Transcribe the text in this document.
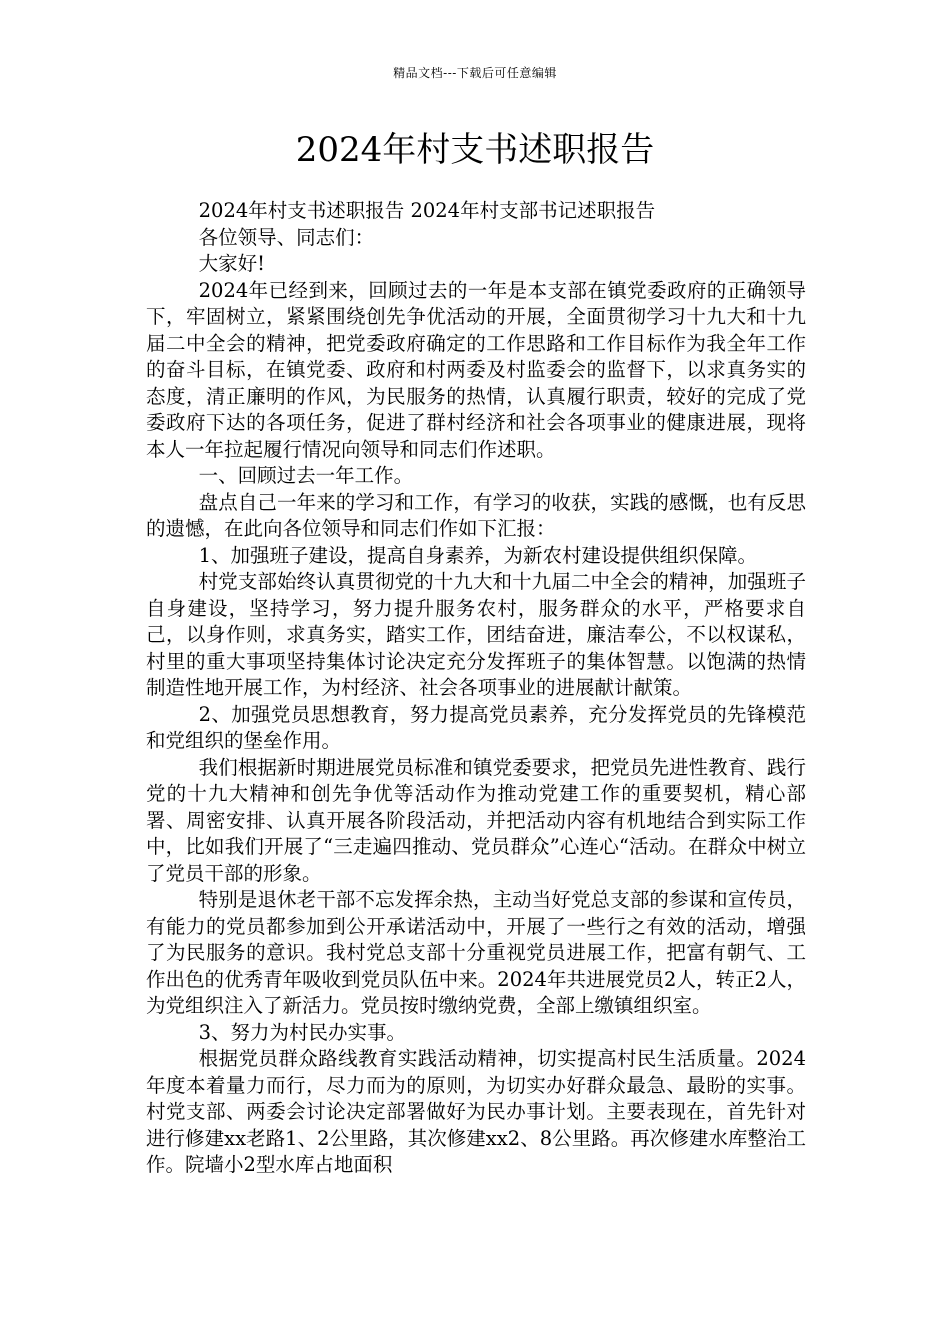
精品文档---下载后可任意编辑
2024年村支书述职报告

2024年村支书述职报告 2024年村支部书记述职报告

各位领导、同志们：

大家好!

2024年已经到来，回顾过去的一年是本支部在镇党委政府的正确领导下，牢固树立，紧紧围绕创先争优活动的开展，全面贯彻学习十九大和十九届二中全会的精神，把党委政府确定的工作思路和工作目标作为我全年工作的奋斗目标，在镇党委、政府和村两委及村监委会的监督下，以求真务实的态度，清正廉明的作风，为民服务的热情，认真履行职责，较好的完成了党委政府下达的各项任务，促进了群村经济和社会各项事业的健康进展，现将本人一年拉起履行情况向领导和同志们作述职。

一、回顾过去一年工作。

盘点自己一年来的学习和工作，有学习的收获，实践的感慨，也有反思的遗憾，在此向各位领导和同志们作如下汇报：

1、加强班子建设，提高自身素养，为新农村建设提供组织保障。

村党支部始终认真贯彻党的十九大和十九届二中全会的精神，加强班子自身建设，坚持学习，努力提升服务农村，服务群众的水平，严格要求自己，以身作则，求真务实，踏实工作，团结奋进，廉洁奉公，不以权谋私，村里的重大事项坚持集体讨论决定充分发挥班子的集体智慧。以饱满的热情制造性地开展工作，为村经济、社会各项事业的进展献计献策。

2、加强党员思想教育，努力提高党员素养，充分发挥党员的先锋模范和党组织的堡垒作用。

我们根据新时期进展党员标准和镇党委要求，把党员先进性教育、践行党的十九大精神和创先争优等活动作为推动党建工作的重要契机，精心部署、周密安排、认真开展各阶段活动，并把活动内容有机地结合到实际工作中，比如我们开展了“三走遍四推动、党员群众”心连心“活动。在群众中树立了党员干部的形象。

特别是退休老干部不忘发挥余热，主动当好党总支部的参谋和宣传员，有能力的党员都参加到公开承诺活动中，开展了一些行之有效的活动，增强了为民服务的意识。我村党总支部十分重视党员进展工作，把富有朝气、工作出色的优秀青年吸收到党员队伍中来。2024年共进展党员2人，转正2人，为党组织注入了新活力。党员按时缴纳党费，全部上缴镇组织室。

3、努力为村民办实事。

根据党员群众路线教育实践活动精神，切实提高村民生活质量。2024年度本着量力而行，尽力而为的原则，为切实办好群众最急、最盼的实事。村党支部、两委会讨论决定部署做好为民办事计划。主要表现在，首先针对进行修建xx老路1、2公里路，其次修建xx2、8公里路。再次修建水库整治工作。院墙小2型水库占地面积
